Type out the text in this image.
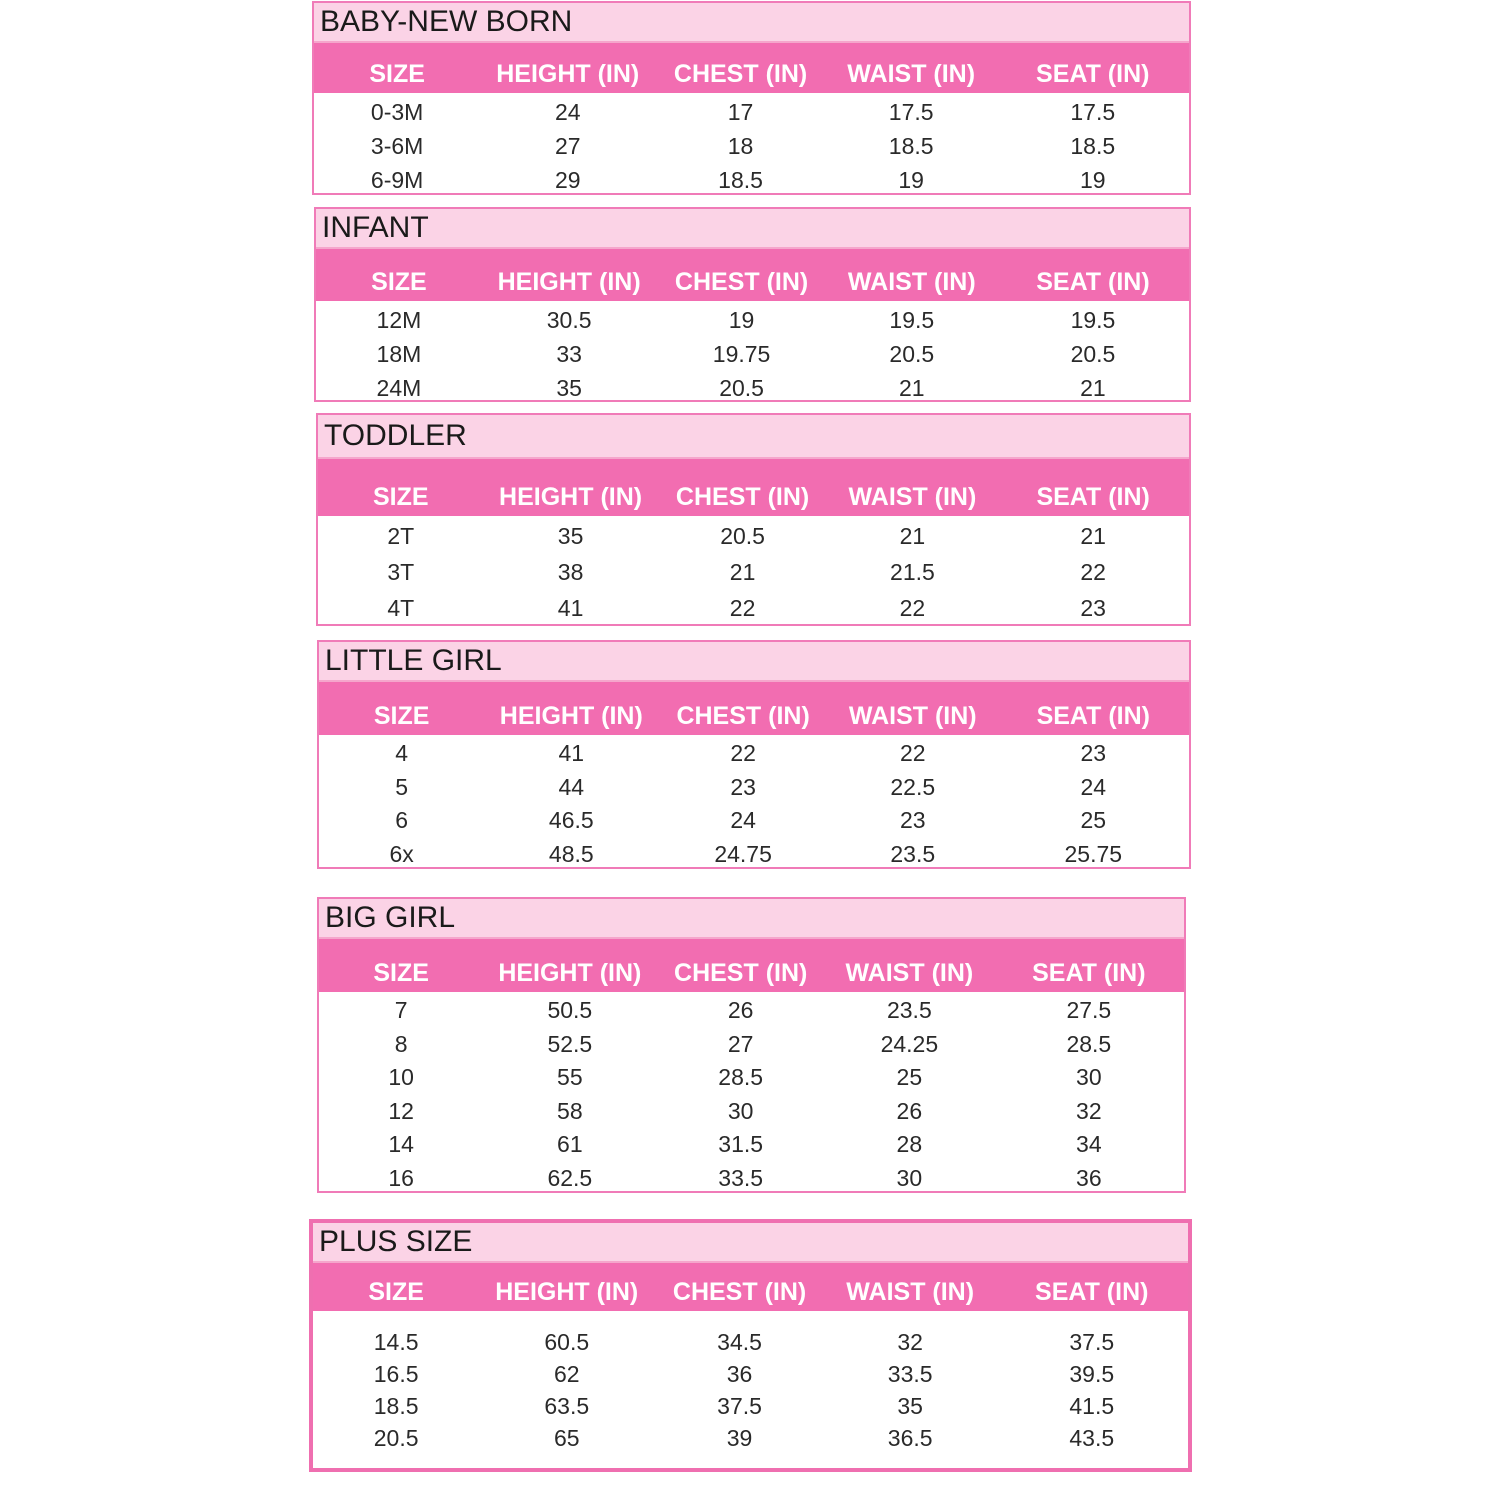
BABY-NEW BORN
SIZE	HEIGHT (IN)	CHEST (IN)	WAIST (IN)	SEAT (IN)
0-3M	24	17	17.5	17.5
3-6M	27	18	18.5	18.5
6-9M	29	18.5	19	19
INFANT
SIZE	HEIGHT (IN)	CHEST (IN)	WAIST (IN)	SEAT (IN)
12M	30.5	19	19.5	19.5
18M	33	19.75	20.5	20.5
24M	35	20.5	21	21
TODDLER
SIZE	HEIGHT (IN)	CHEST (IN)	WAIST (IN)	SEAT (IN)
2T	35	20.5	21	21
3T	38	21	21.5	22
4T	41	22	22	23
LITTLE GIRL
SIZE	HEIGHT (IN)	CHEST (IN)	WAIST (IN)	SEAT (IN)
4	41	22	22	23
5	44	23	22.5	24
6	46.5	24	23	25
6x	48.5	24.75	23.5	25.75
BIG GIRL
SIZE	HEIGHT (IN)	CHEST (IN)	WAIST (IN)	SEAT (IN)
7	50.5	26	23.5	27.5
8	52.5	27	24.25	28.5
10	55	28.5	25	30
12	58	30	26	32
14	61	31.5	28	34
16	62.5	33.5	30	36
PLUS SIZE
SIZE	HEIGHT (IN)	CHEST (IN)	WAIST (IN)	SEAT (IN)
14.5	60.5	34.5	32	37.5
16.5	62	36	33.5	39.5
18.5	63.5	37.5	35	41.5
20.5	65	39	36.5	43.5
